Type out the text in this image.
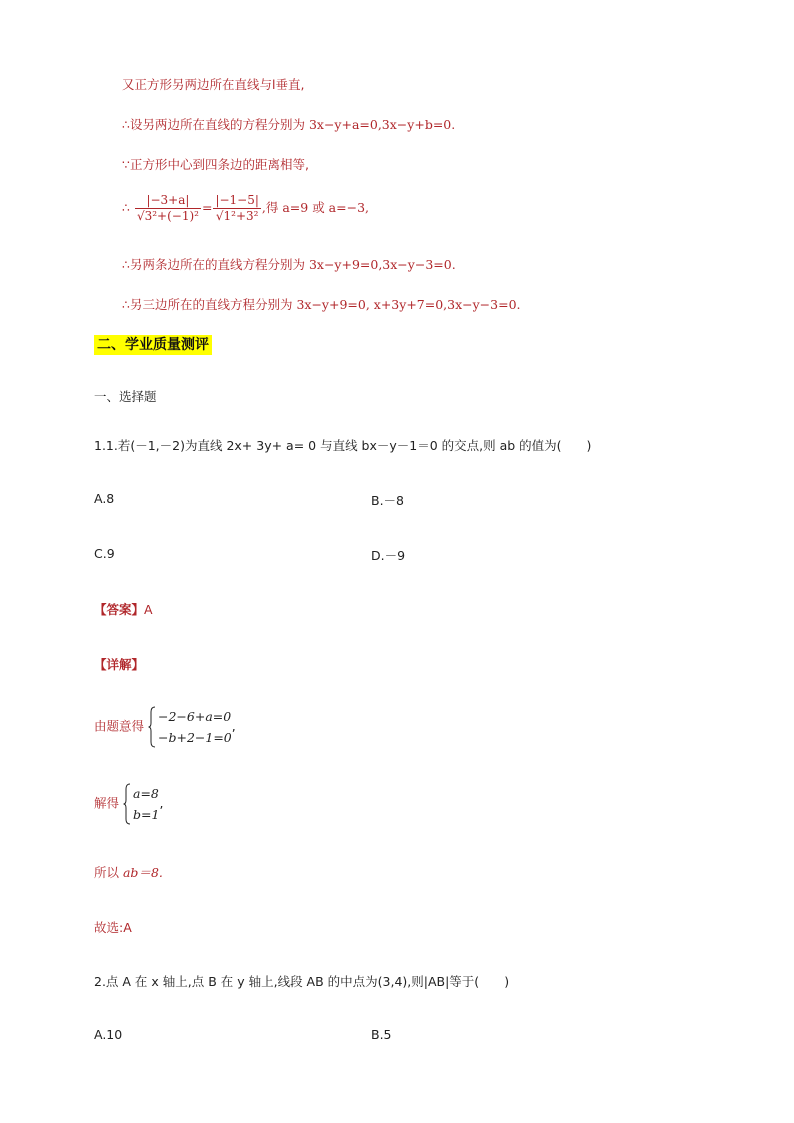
又正方形另两边所在直线与l垂直,
∴设另两边所在直线的方程分别为 3x−y+a=0,3x−y+b=0.
∵正方形中心到四条边的距离相等,
∴ $\frac{|-3+a|}{\text{√3²+(−1)²}} = \frac{|-1-5|}{\text{√1²+3²}}$ ,得 a=9 或 a=−3,
∴另两条边所在的直线方程分别为 3x−y+9=0,3x−y−3=0.
∴另三边所在的直线方程分别为 3x−y+9=0, x+3y+7=0,3x−y−3=0.
二、学业质量测评
一、选择题
1.1.若(－1,－2)为直线 2x+ 3y+ a= 0 与直线 bx－y－1＝0 的交点,则 ab 的值为(　　)
A.8	B.－8
C.9	D.－9
【答案】A
【详解】
由题意得
−2−6+a=0
−b+2−1=0
,
解得
a=8
b=1
,
所以 ab＝8.
故选:A
2.点 A 在 x 轴上,点 B 在 y 轴上,线段 AB 的中点为(3,4),则|AB|等于(　　)
A.10	B.5
